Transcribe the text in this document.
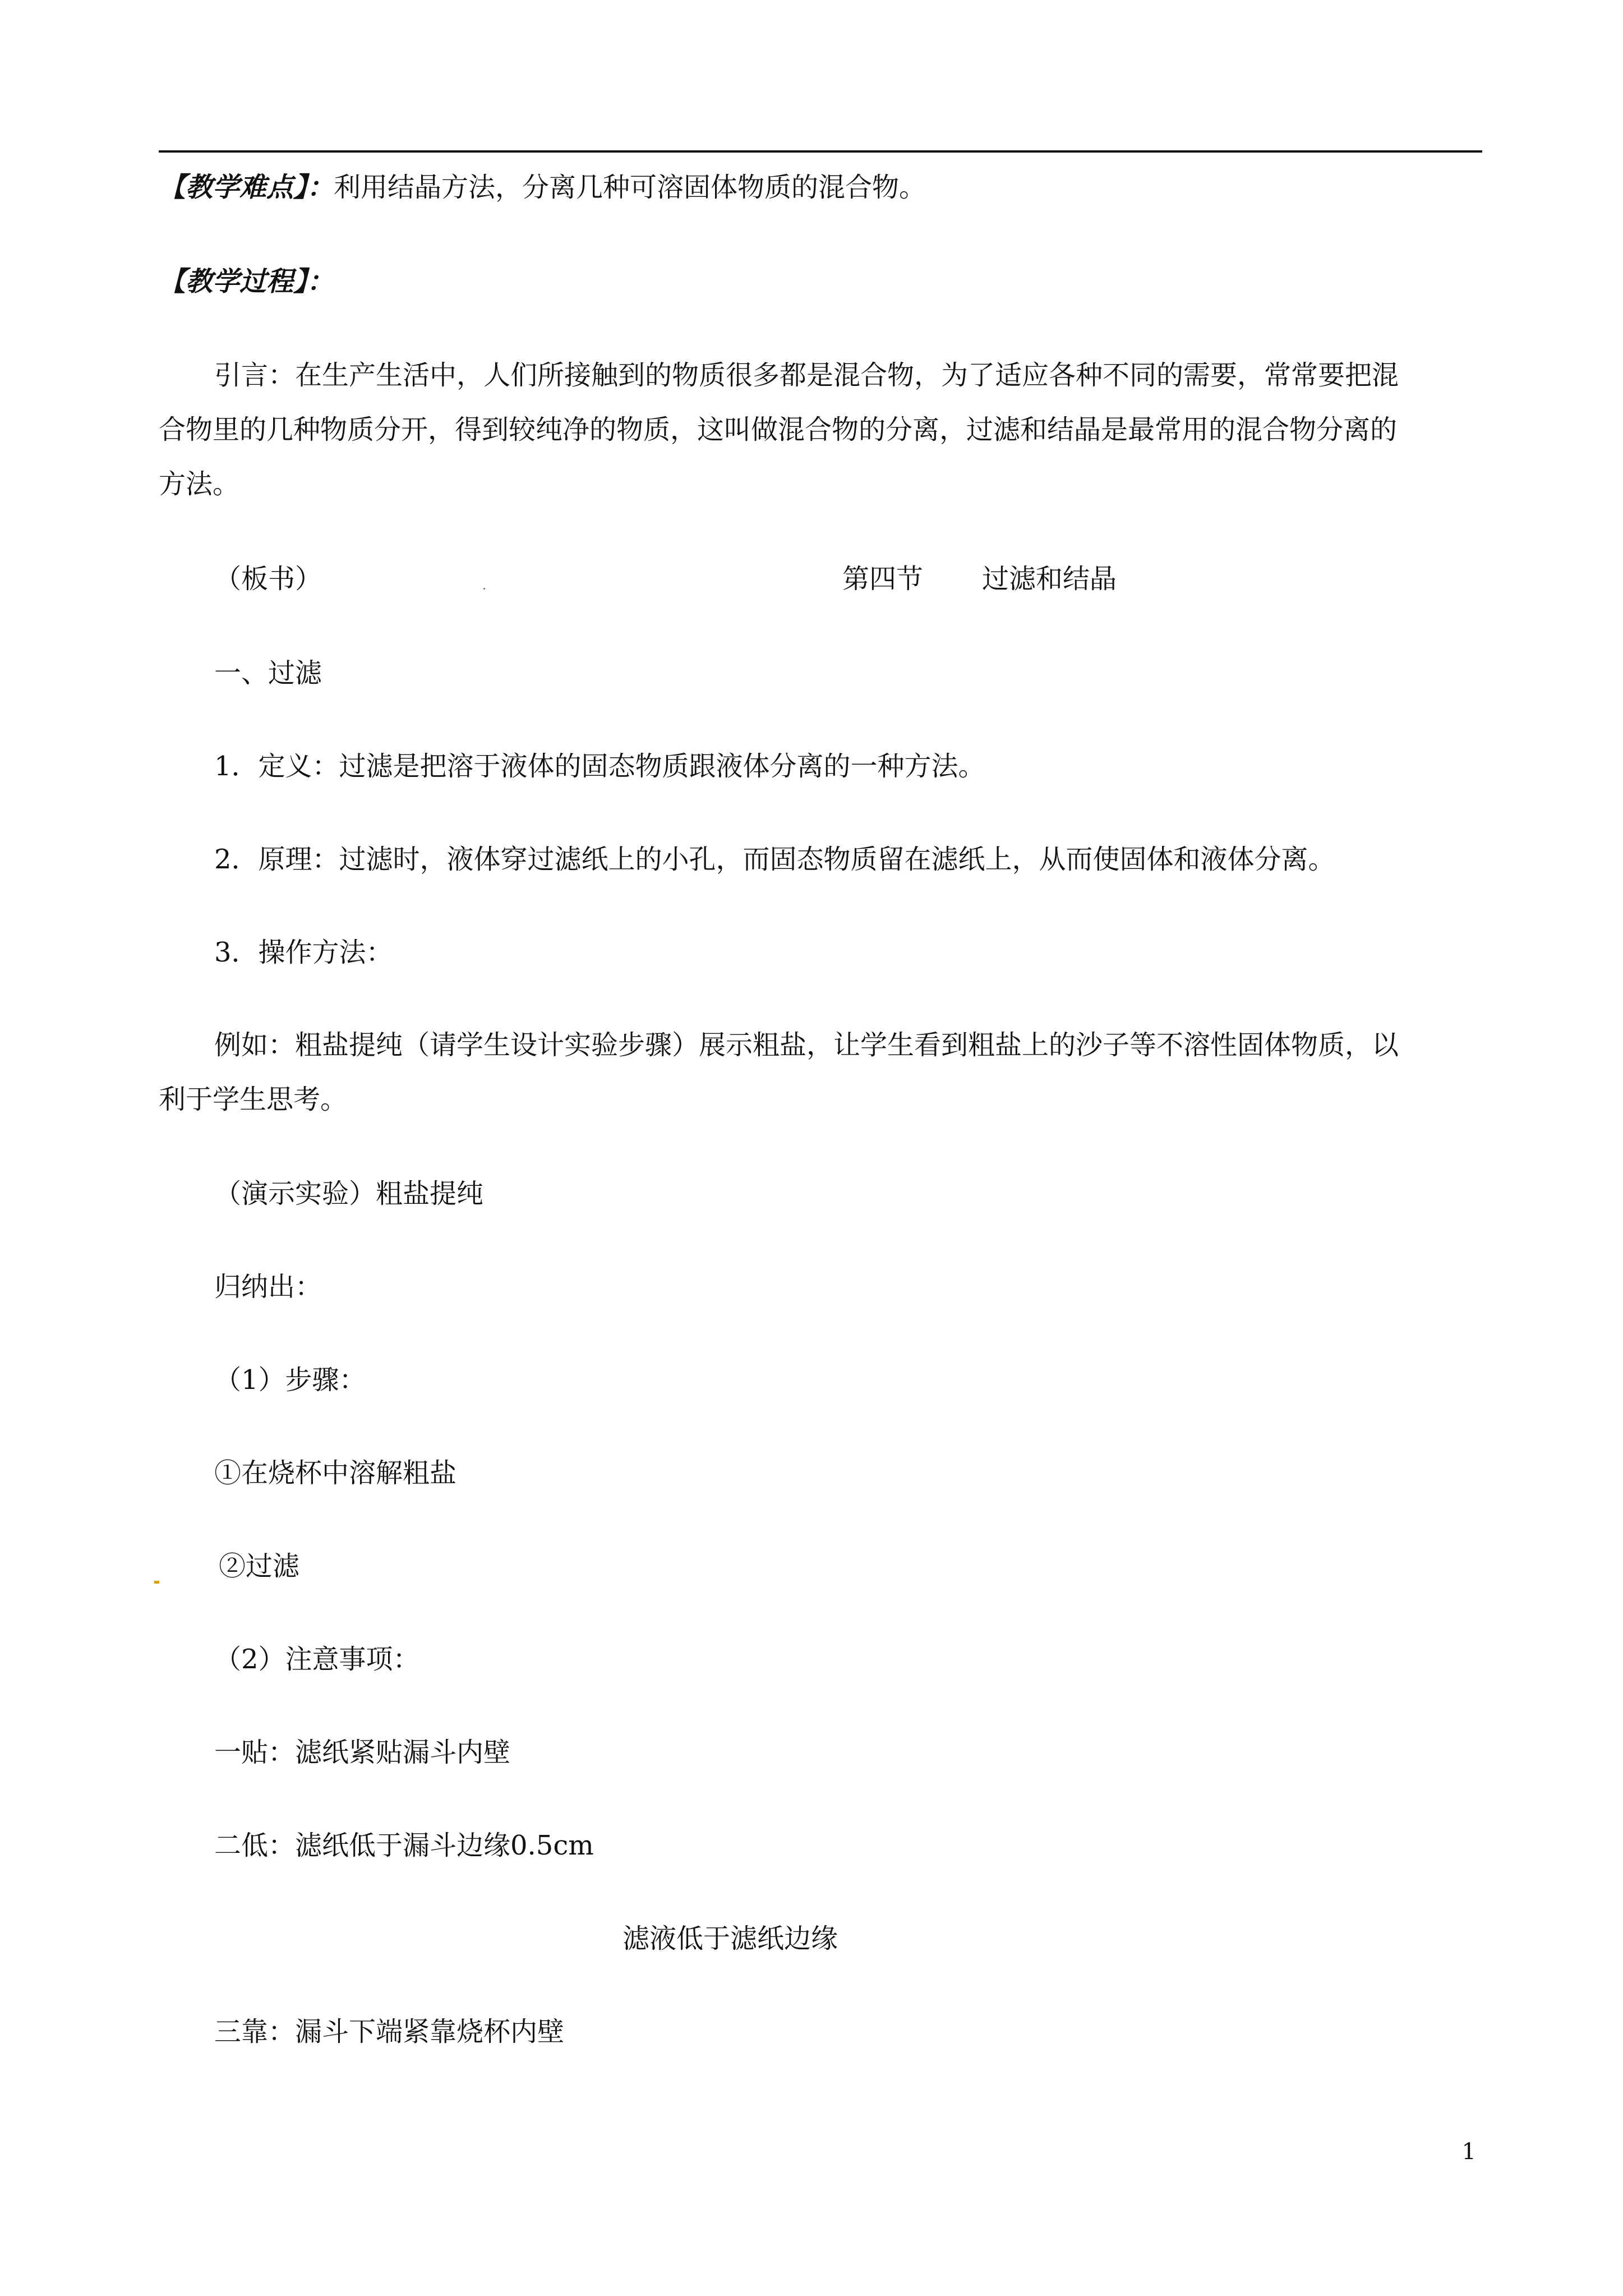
【教学难点】：利用结晶方法，分离几种可溶固体物质的混合物。
【教学过程】：
引言：在生产生活中，人们所接触到的物质很多都是混合物，为了适应各种不同的需要，常常要把混
合物里的几种物质分开，得到较纯净的物质，这叫做混合物的分离，过滤和结晶是最常用的混合物分离的
方法。
（板书）	第四节 过滤和结晶
一、过滤
1．定义：过滤是把溶于液体的固态物质跟液体分离的一种方法。
2．原理：过滤时，液体穿过滤纸上的小孔，而固态物质留在滤纸上，从而使固体和液体分离。
3．操作方法：
例如：粗盐提纯（请学生设计实验步骤）展示粗盐，让学生看到粗盐上的沙子等不溶性固体物质，以
利于学生思考。
（演示实验）粗盐提纯
归纳出：
（1）步骤：
①在烧杯中溶解粗盐
②过滤
（2）注意事项：
一贴：滤纸紧贴漏斗内壁
二低：滤纸低于漏斗边缘0.5cm
滤液低于滤纸边缘
三靠：漏斗下端紧靠烧杯内壁
1
